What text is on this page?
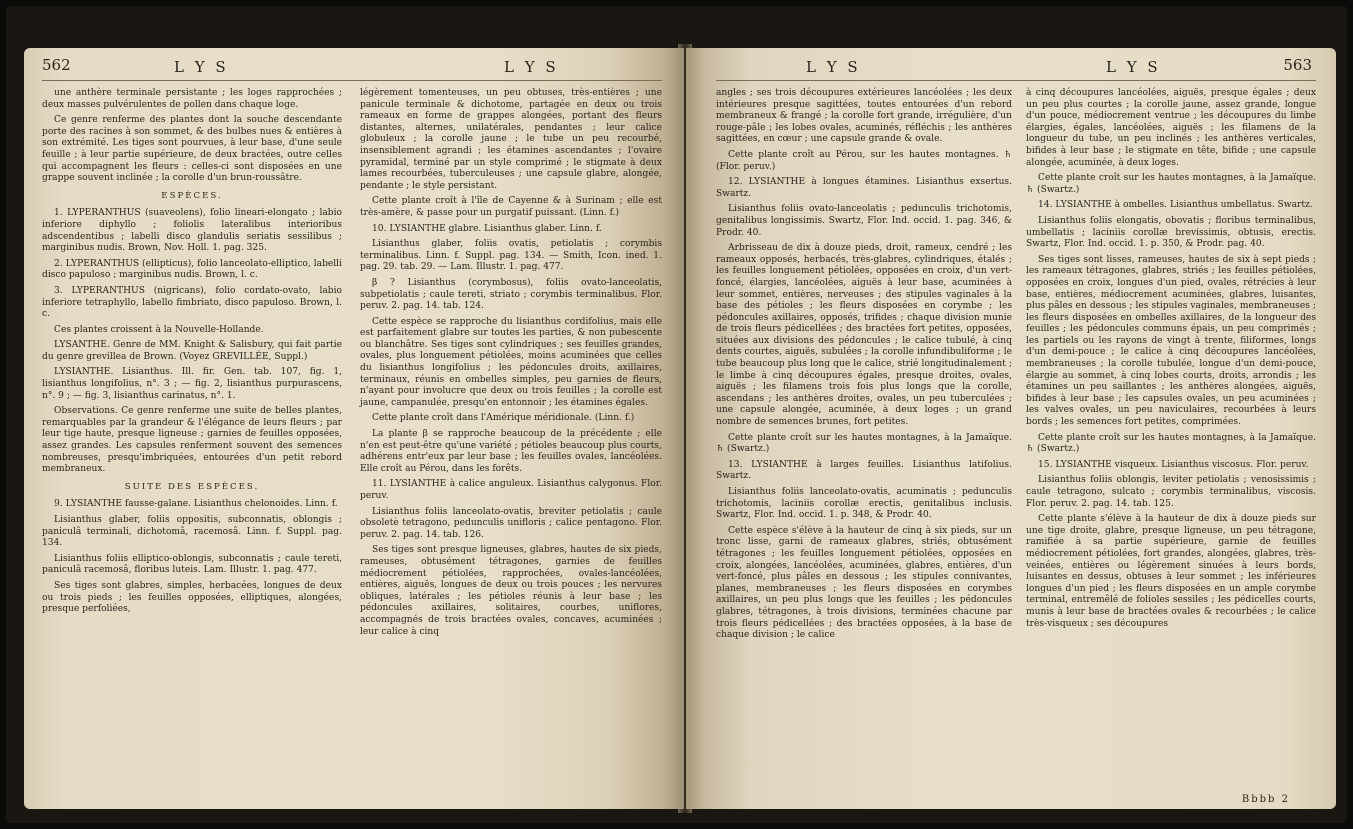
562	L Y S	L Y S

une anthère terminale persistante ; les loges rapprochées ; deux masses pulvérulentes de pollen dans chaque loge.

Ce genre renferme des plantes dont la souche descendante porte des racines à son sommet, & des bulbes nues & entières à son extrémité. Les tiges sont pourvues, à leur base, d'une seule feuille ; à leur partie supérieure, de deux bractées, outre celles qui accompagnent les fleurs : celles-ci sont disposées en une grappe souvent inclinée ; la corolle d'un brun-roussâtre.

ESPÈCES.

1. LYPERANTHUS (suaveolens), folio lineari-elongato ; labio inferiore diphyllo ; foliolis lateralibus interioribus adscendentibus ; labelli disco glandulis seriatis sessilibus ; marginibus nudis. Brown, Nov. Holl. 1. pag. 325.

2. LYPERANTHUS (ellipticus), folio lanceolato-elliptico, labelli disco papuloso ; marginibus nudis. Brown, l. c.

3. LYPERANTHUS (nigricans), folio cordato-ovato, labio inferiore tetraphyllo, labello fimbriato, disco papuloso. Brown, l. c.

Ces plantes croissent à la Nouvelle-Hollande.

LYSANTHE. Genre de MM. Knight & Salisbury, qui fait partie du genre grevillea de Brown. (Voyez GREVILLÉE, Suppl.)

LYSIANTHE. Lisianthus. Ill. fir. Gen. tab. 107, fig. 1, lisianthus longifolius, n°. 3 ; — fig. 2, lisianthus purpurascens, n°. 9 ; — fig. 3, lisianthus carinatus, n°. 1.

Observations. Ce genre renferme une suite de belles plantes, remarquables par la grandeur & l'élégance de leurs fleurs ; par leur tige haute, presque ligneuse ; garnies de feuilles opposées, assez grandes. Les capsules renferment souvent des semences nombreuses, presqu'imbriquées, entourées d'un petit rebord membraneux.

SUITE DES ESPÈCES.

9. LYSIANTHE fausse-galane. Lisianthus chelonoides. Linn. f.

Lisianthus glaber, foliis oppositis, subconnatis, oblongis ; paniculâ terminali, dichotomâ, racemosâ. Linn. f. Suppl. pag. 134.

Lisianthus foliis elliptico-oblongis, subconnatis ; caule tereti, paniculâ racemosâ, floribus luteis. Lam. Illustr. 1. pag. 477.

Ses tiges sont glabres, simples, herbacées, longues de deux ou trois pieds ; les feuilles opposées, elliptiques, alongées, presque perfoliées,

légèrement tomenteuses, un peu obtuses, très-entières ; une panicule terminale & dichotome, partagée en deux ou trois rameaux en forme de grappes alongées, portant des fleurs distantes, alternes, unilatérales, pendantes ; leur calice globuleux ; la corolle jaune ; le tube un peu recourbé, insensiblement agrandi ; les étamines ascendantes ; l'ovaire pyramidal, terminé par un style comprimé ; le stigmate à deux lames recourbées, tuberculeuses ; une capsule glabre, alongée, pendante ; le style persistant.

Cette plante croît à l'île de Cayenne & à Surinam ; elle est très-amère, & passe pour un purgatif puissant. (Linn. f.)

10. LYSIANTHE glabre. Lisianthus glaber. Linn. f.

Lisianthus glaber, foliis ovatis, petiolatis ; corymbis terminalibus. Linn. f. Suppl. pag. 134. — Smith, Icon. ined. 1. pag. 29. tab. 29. — Lam. Illustr. 1. pag. 477.

β ? Lisianthus (corymbosus), foliis ovato-lanceolatis, subpetiolatis ; caule tereti, striato ; corymbis terminalibus. Flor. peruv. 2. pag. 14. tab. 124.

Cette espèce se rapproche du lisianthus cordifolius, mais elle est parfaitement glabre sur toutes les parties, & non pubescente ou blanchâtre. Ses tiges sont cylindriques ; ses feuilles grandes, ovales, plus longuement pétiolées, moins acuminées que celles du lisianthus longifolius ; les pédoncules droits, axillaires, terminaux, réunis en ombelles simples, peu garnies de fleurs, n'ayant pour involucre que deux ou trois feuilles ; la corolle est jaune, campanulée, presqu'en entonnoir ; les étamines égales.

Cette plante croît dans l'Amérique méridionale. (Linn. f.)

La plante β se rapproche beaucoup de la précédente ; elle n'en est peut-être qu'une variété ; pétioles beaucoup plus courts, adhérens entr'eux par leur base ; les feuilles ovales, lancéolées. Elle croît au Pérou, dans les forêts.

11. LYSIANTHE à calice anguleux. Lisianthus calygonus. Flor. peruv.

Lisianthus foliis lanceolato-ovatis, breviter petiolatis ; caule obsoletè tetragono, pedunculis unifloris ; calice pentagono. Flor. peruv. 2. pag. 14. tab. 126.

Ses tiges sont presque ligneuses, glabres, hautes de six pieds, rameuses, obtusément tétragones, garnies de feuilles médiocrement pétiolées, rapprochées, ovales-lancéolées, entières, aiguës, longues de deux ou trois pouces ; les nervures obliques, latérales ; les pétioles réunis à leur base ; les pédoncules axillaires, solitaires, courbes, uniflores, accompagnés de trois bractées ovales, concaves, acuminées ; leur calice à cinq

L Y S	L Y S	563

angles ; ses trois découpures extérieures lancéolées ; les deux intérieures presque sagittées, toutes entourées d'un rebord membraneux & frangé ; la corolle fort grande, irrégulière, d'un rouge-pâle ; les lobes ovales, acuminés, réfléchis ; les anthères sagittées, en cœur ; une capsule grande & ovale.

Cette plante croît au Pérou, sur les hautes montagnes. ♄ (Flor. peruv.)

12. LYSIANTHE à longues étamines. Lisianthus exsertus. Swartz.

Lisianthus foliis ovato-lanceolatis ; pedunculis trichotomis, genitalibus longissimis. Swartz, Flor. Ind. occid. 1. pag. 346, & Prodr. 40.

Arbrisseau de dix à douze pieds, droit, rameux, cendré ; les rameaux opposés, herbacés, très-glabres, cylindriques, étalés ; les feuilles longuement pétiolées, opposées en croix, d'un vert-foncé, élargies, lancéolées, aiguës à leur base, acuminées à leur sommet, entières, nerveuses ; des stipules vaginales à la base des pétioles ; les fleurs disposées en corymbe ; les pédoncules axillaires, opposés, trifides ; chaque division munie de trois fleurs pédicellées ; des bractées fort petites, opposées, situées aux divisions des pédoncules ; le calice tubulé, à cinq dents courtes, aiguës, subulées ; la corolle infundibuliforme ; le tube beaucoup plus long que le calice, strié longitudinalement ; le limbe à cinq découpures égales, presque droites, ovales, aiguës ; les filamens trois fois plus longs que la corolle, ascendans ; les anthères droites, ovales, un peu tuberculées ; une capsule alongée, acuminée, à deux loges ; un grand nombre de semences brunes, fort petites.

Cette plante croît sur les hautes montagnes, à la Jamaïque. ♄ (Swartz.)

13. LYSIANTHE à larges feuilles. Lisianthus latifolius. Swartz.

Lisianthus foliis lanceolato-ovatis, acuminatis ; pedunculis trichotomis, laciniis corollæ erectis, genitalibus inclusis. Swartz, Flor. Ind. occid. 1. p. 348, & Prodr. 40.

Cette espèce s'élève à la hauteur de cinq à six pieds, sur un tronc lisse, garni de rameaux glabres, striés, obtusément tétragones ; les feuilles longuement pétiolées, opposées en croix, alongées, lancéolées, acuminées, glabres, entières, d'un vert-foncé, plus pâles en dessous ; les stipules connivantes, planes, membraneuses ; les fleurs disposées en corymbes axillaires, un peu plus longs que les feuilles ; les pédoncules glabres, tétragones, à trois divisions, terminées chacune par trois fleurs pédicellées ; des bractées opposées, à la base de chaque division ; le calice

à cinq découpures lancéolées, aiguës, presque égales ; deux un peu plus courtes ; la corolle jaune, assez grande, longue d'un pouce, médiocrement ventrue ; les découpures du limbe élargies, égales, lancéolées, aiguës ; les filamens de la longueur du tube, un peu inclinés ; les anthères verticales, bifides à leur base ; le stigmate en tête, bifide ; une capsule alongée, acuminée, à deux loges.

Cette plante croît sur les hautes montagnes, à la Jamaïque. ♄ (Swartz.)

14. LYSIANTHE à ombelles. Lisianthus umbellatus. Swartz.

Lisianthus foliis elongatis, obovatis ; floribus terminalibus, umbellatis ; laciniis corollæ brevissimis, obtusis, erectis. Swartz, Flor. Ind. occid. 1. p. 350, & Prodr. pag. 40.

Ses tiges sont lisses, rameuses, hautes de six à sept pieds ; les rameaux tétragones, glabres, striés ; les feuilles pétiolées, opposées en croix, longues d'un pied, ovales, rétrécies à leur base, entières, médiocrement acuminées, glabres, luisantes, plus pâles en dessous ; les stipules vaginales, membraneuses ; les fleurs disposées en ombelles axillaires, de la longueur des feuilles ; les pédoncules communs épais, un peu comprimés ; les partiels ou les rayons de vingt à trente, filiformes, longs d'un demi-pouce ; le calice à cinq découpures lancéolées, membraneuses ; la corolle tubulée, longue d'un demi-pouce, élargie au sommet, à cinq lobes courts, droits, arrondis ; les étamines un peu saillantes ; les anthères alongées, aiguës, bifides à leur base ; les capsules ovales, un peu acuminées ; les valves ovales, un peu naviculaires, recourbées à leurs bords ; les semences fort petites, comprimées.

Cette plante croît sur les hautes montagnes, à la Jamaïque. ♄ (Swartz.)

15. LYSIANTHE visqueux. Lisianthus viscosus. Flor. peruv.

Lisianthus foliis oblongis, leviter petiolatis ; venosissimis ; caule tetragono, sulcato ; corymbis terminalibus, viscosis. Flor. peruv. 2. pag. 14. tab. 125.

Cette plante s'élève à la hauteur de dix à douze pieds sur une tige droite, glabre, presque ligneuse, un peu tétragone, ramifiée à sa partie supérieure, garnie de feuilles médiocrement pétiolées, fort grandes, alongées, glabres, très-veinées, entières ou légèrement sinuées à leurs bords, luisantes en dessus, obtuses à leur sommet ; les inférieures longues d'un pied ; les fleurs disposées en un ample corymbe terminal, entremêlé de folioles sessiles ; les pédicelles courts, munis à leur base de bractées ovales & recourbées ; le calice très-visqueux ; ses découpures

Bbbb 2
